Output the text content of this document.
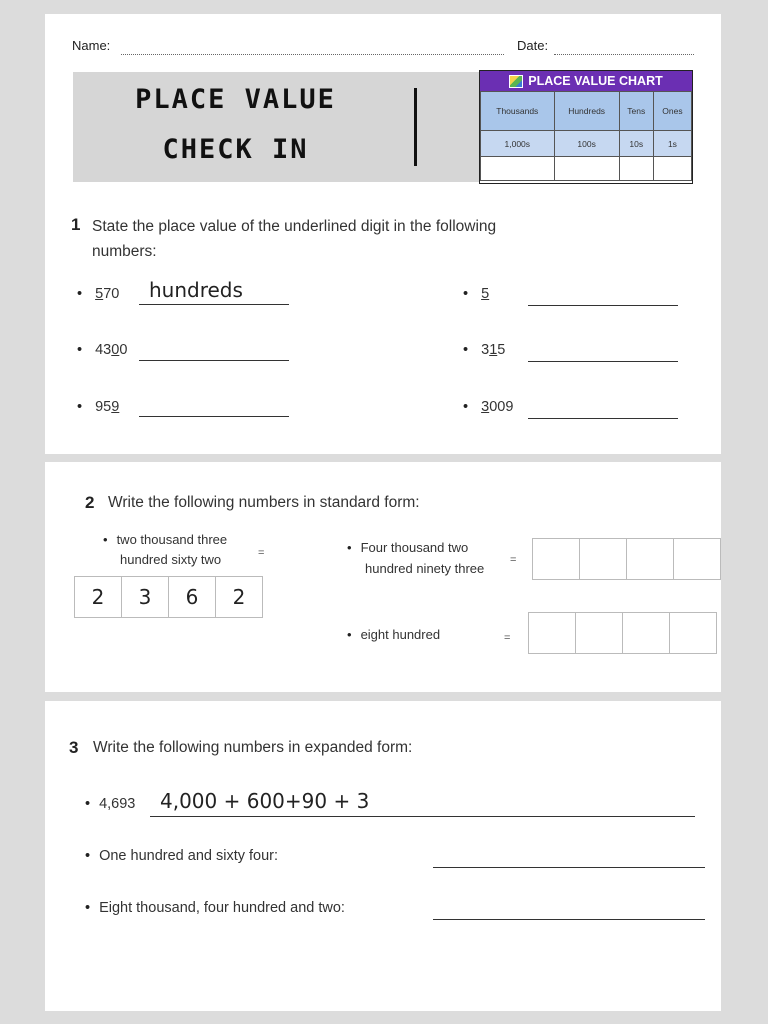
Name:	Date:
PLACE VALUE
CHECK IN
PLACE VALUE CHART
Thousands	Hundreds	Tens	Ones
1,000s	100s	10s	1s

1 State the place value of the underlined digit in the following
numbers:
• 570 hundreds	• 5
• 4300	• 315
• 959	• 3009
2 Write the following numbers in standard form:
• two thousand three
hundred sixty two	=
2	3	6	2
• Four thousand two
hundred ninety three
=
• eight hundred	=
3 Write the following numbers in expanded form:
• 4,693 4,000 + 600+90 + 3
• One hundred and sixty four:
• Eight thousand, four hundred and two:
